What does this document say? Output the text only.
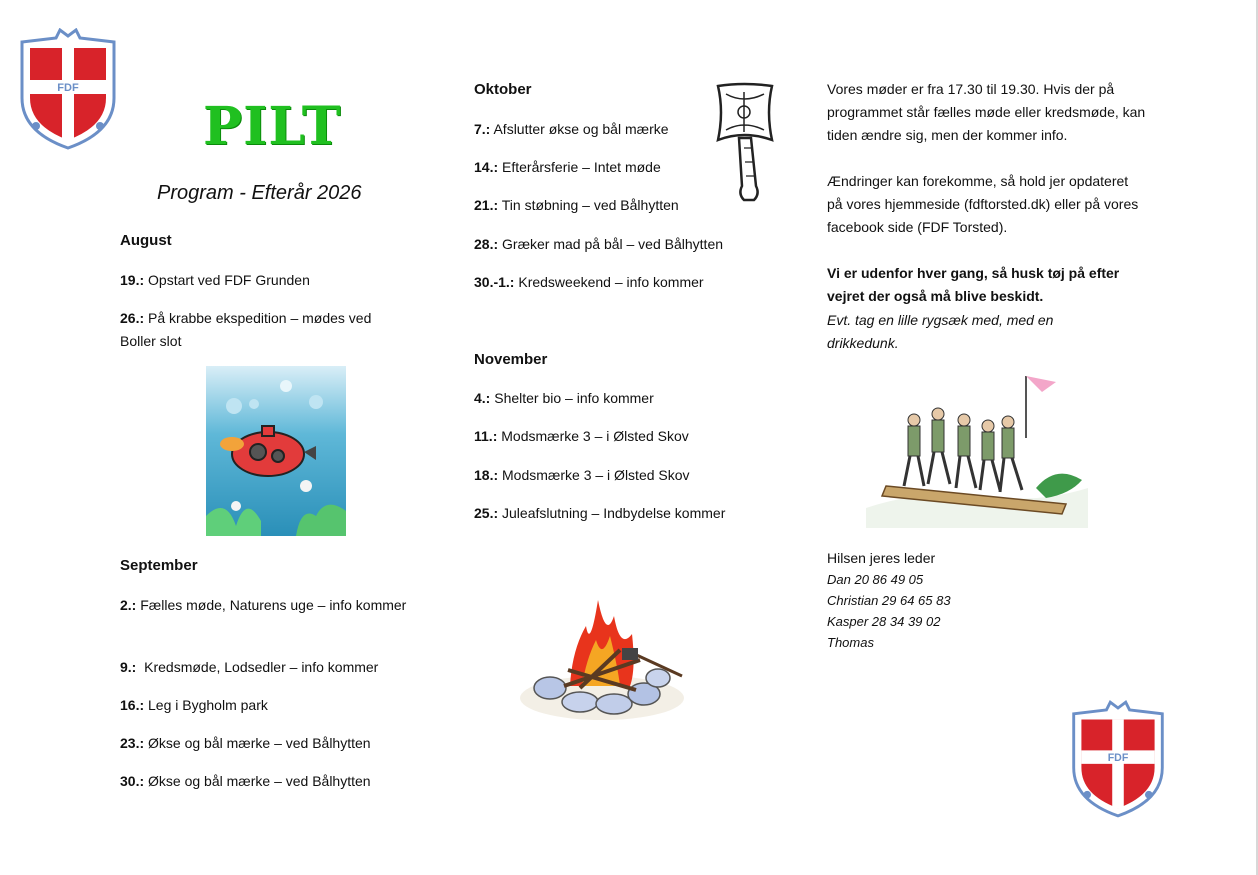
FDF
PILT
Program - Efterår 2026
August
19.: Opstart ved FDF Grunden
26.: På krabbe ekspedition – mødes ved Boller slot
September
2.: Fælles møde, Naturens uge – info kommer
9.:  Kredsmøde, Lodsedler – info kommer
16.: Leg i Bygholm park
23.: Økse og bål mærke – ved Bålhytten
30.: Økse og bål mærke – ved Bålhytten
Oktober
7.: Afslutter økse og bål mærke
14.: Efterårsferie – Intet møde
21.: Tin støbning – ved Bålhytten
28.: Græker mad på bål – ved Bålhytten
30.-1.: Kredsweekend – info kommer
November
4.: Shelter bio – info kommer
11.: Modsmærke 3 – i Ølsted Skov
18.: Modsmærke 3 – i Ølsted Skov
25.: Juleafslutning – Indbydelse kommer
Vores møder er fra 17.30 til 19.30. Hvis der på programmet står fælles møde eller kredsmøde, kan tiden ændre sig, men der kommer info.
Ændringer kan forekomme, så hold jer opdateret på vores hjemmeside (fdftorsted.dk) eller på vores facebook side (FDF Torsted).
Vi er udenfor hver gang, så husk tøj på efter vejret der også må blive beskidt.
Evt. tag en lille rygsæk med, med en drikkedunk.
Hilsen jeres leder
Dan 20 86 49 05
Christian 29 64 65 83
Kasper 28 34 39 02
Thomas
FDF
